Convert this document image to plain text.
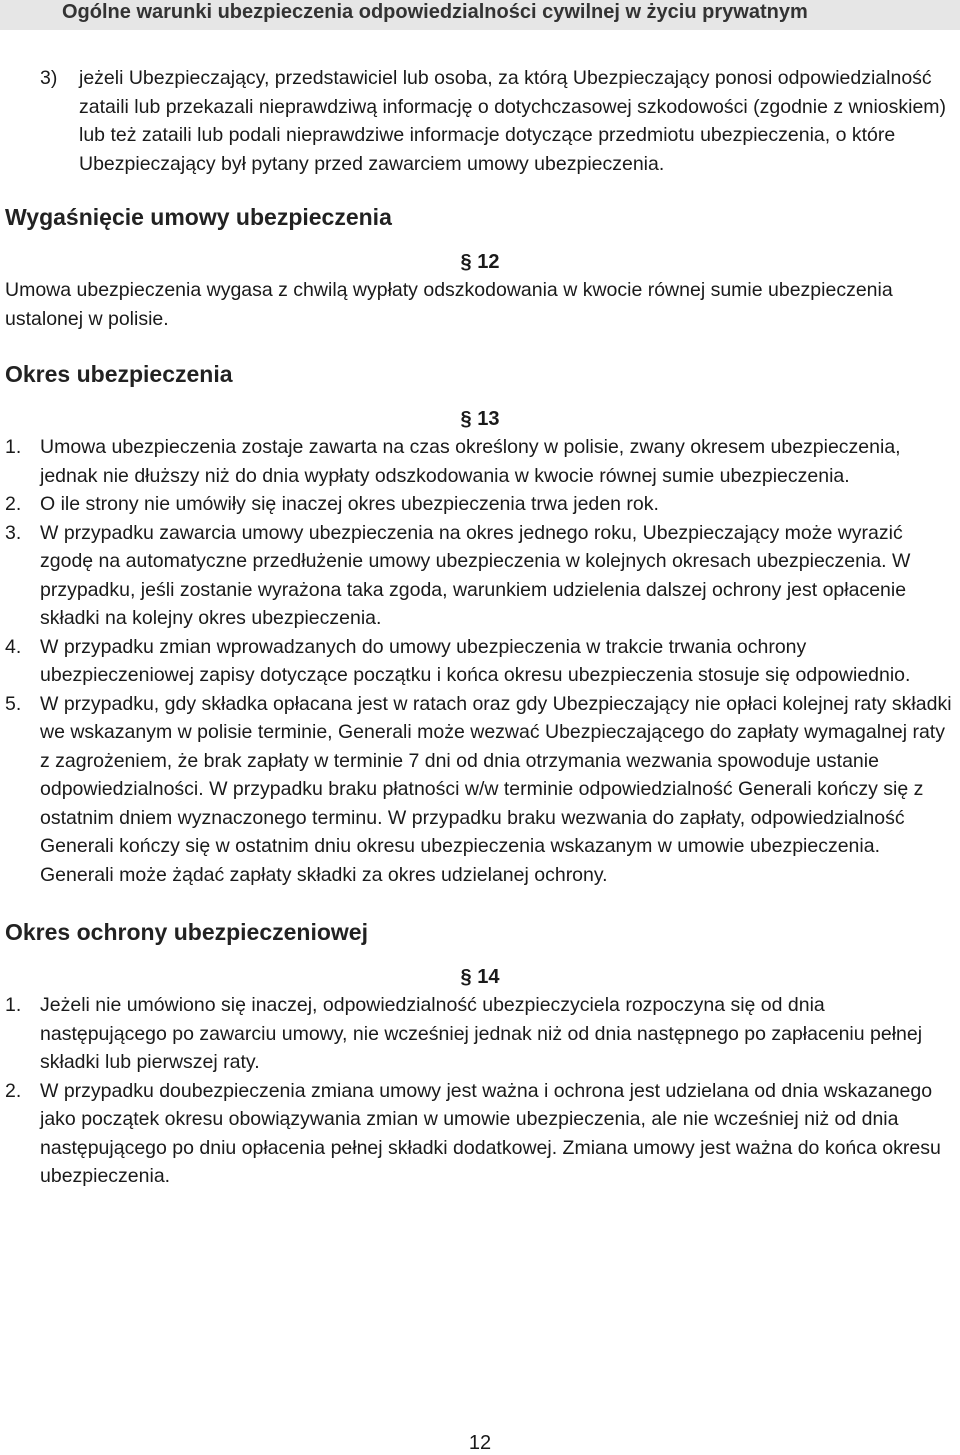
Ogólne warunki ubezpieczenia odpowiedzialności cywilnej w życiu prywatnym
3) jeżeli Ubezpieczający, przedstawiciel lub osoba, za którą Ubezpieczający ponosi odpowiedzialność zataili lub przekazali nieprawdziwą informację o dotychczasowej szkodowości (zgodnie z wnioskiem) lub też zataili lub podali nieprawdziwe informacje dotyczące przedmiotu ubezpieczenia, o które Ubezpieczający był pytany przed zawarciem umowy ubezpieczenia.
Wygaśnięcie umowy ubezpieczenia
§ 12

Umowa ubezpieczenia wygasa z chwilą wypłaty odszkodowania w kwocie równej sumie ubezpieczenia ustalonej w polisie.

Okres ubezpieczenia
§ 13
1. Umowa ubezpieczenia zostaje zawarta na czas określony w polisie, zwany okresem ubezpieczenia, jednak nie dłuższy niż do dnia wypłaty odszkodowania w kwocie równej sumie ubezpieczenia.
2. O ile strony nie umówiły się inaczej okres ubezpieczenia trwa jeden rok.
3. W przypadku zawarcia umowy ubezpieczenia na okres jednego roku, Ubezpieczający może wyrazić zgodę na automatyczne przedłużenie umowy ubezpieczenia w kolejnych okresach ubezpieczenia. W przypadku, jeśli zostanie wyrażona taka zgoda, warunkiem udzielenia dalszej ochrony jest opłacenie składki na kolejny okres ubezpieczenia.
4. W przypadku zmian wprowadzanych do umowy ubezpieczenia w trakcie trwania ochrony ubezpieczeniowej zapisy dotyczące początku i końca okresu ubezpieczenia stosuje się odpowiednio.
5. W przypadku, gdy składka opłacana jest w ratach oraz gdy Ubezpieczający nie opłaci kolejnej raty składki we wskazanym w polisie terminie, Generali może wezwać Ubezpieczającego do zapłaty wymagalnej raty z zagrożeniem, że brak zapłaty w terminie 7 dni od dnia otrzymania wezwania spowoduje ustanie odpowiedzialności. W przypadku braku płatności w/w terminie odpowiedzialność Generali kończy się z ostatnim dniem wyznaczonego terminu. W przypadku braku wezwania do zapłaty, odpowiedzialność Generali kończy się w ostatnim dniu okresu ubezpieczenia wskazanym w umowie ubezpieczenia. Generali może żądać zapłaty składki za okres udzielanej ochrony.
Okres ochrony ubezpieczeniowej
§ 14
1. Jeżeli nie umówiono się inaczej, odpowiedzialność ubezpieczyciela rozpoczyna się od dnia następującego po zawarciu umowy, nie wcześniej jednak niż od dnia następnego po zapłaceniu pełnej składki lub pierwszej raty.
2. W przypadku doubezpieczenia zmiana umowy jest ważna i ochrona jest udzielana od dnia wskazanego jako początek okresu obowiązywania zmian w umowie ubezpieczenia, ale nie wcześniej niż od dnia następującego po dniu opłacenia pełnej składki dodatkowej. Zmiana umowy jest ważna do końca okresu ubezpieczenia.
12
